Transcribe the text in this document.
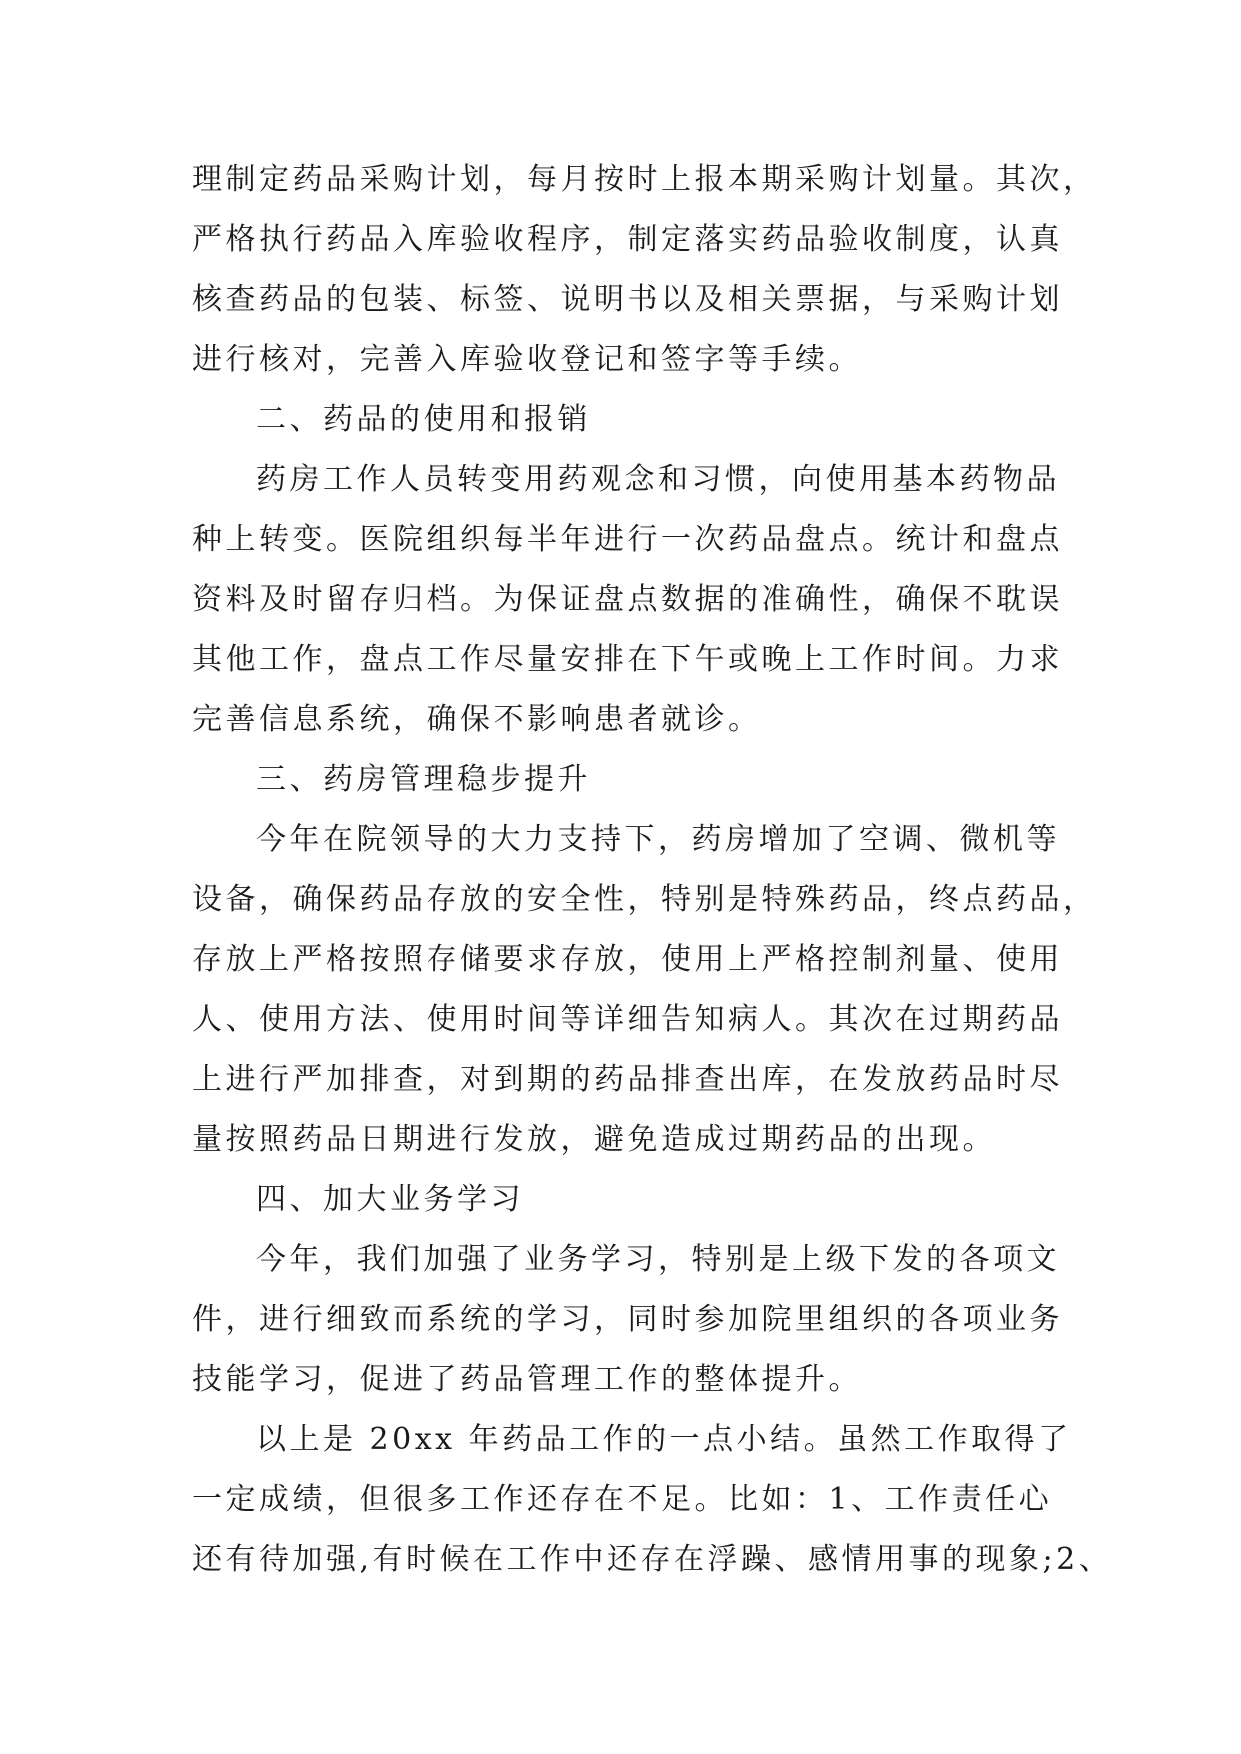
理制定药品采购计划，每月按时上报本期采购计划量。其次，
严格执行药品入库验收程序，制定落实药品验收制度，认真
核查药品的包装、标签、说明书以及相关票据，与采购计划
进行核对，完善入库验收登记和签字等手续。
二、药品的使用和报销
药房工作人员转变用药观念和习惯，向使用基本药物品
种上转变。医院组织每半年进行一次药品盘点。统计和盘点
资料及时留存归档。为保证盘点数据的准确性，确保不耽误
其他工作，盘点工作尽量安排在下午或晚上工作时间。力求
完善信息系统，确保不影响患者就诊。
三、药房管理稳步提升
今年在院领导的大力支持下，药房增加了空调、微机等
设备，确保药品存放的安全性，特别是特殊药品，终点药品，
存放上严格按照存储要求存放，使用上严格控制剂量、使用
人、使用方法、使用时间等详细告知病人。其次在过期药品
上进行严加排查，对到期的药品排查出库，在发放药品时尽
量按照药品日期进行发放，避免造成过期药品的出现。
四、加大业务学习
今年，我们加强了业务学习，特别是上级下发的各项文
件，进行细致而系统的学习，同时参加院里组织的各项业务
技能学习，促进了药品管理工作的整体提升。
以上是 20xx 年药品工作的一点小结。虽然工作取得了
一定成绩，但很多工作还存在不足。比如：1、工作责任心
还有待加强,有时候在工作中还存在浮躁、感情用事的现象;2、
